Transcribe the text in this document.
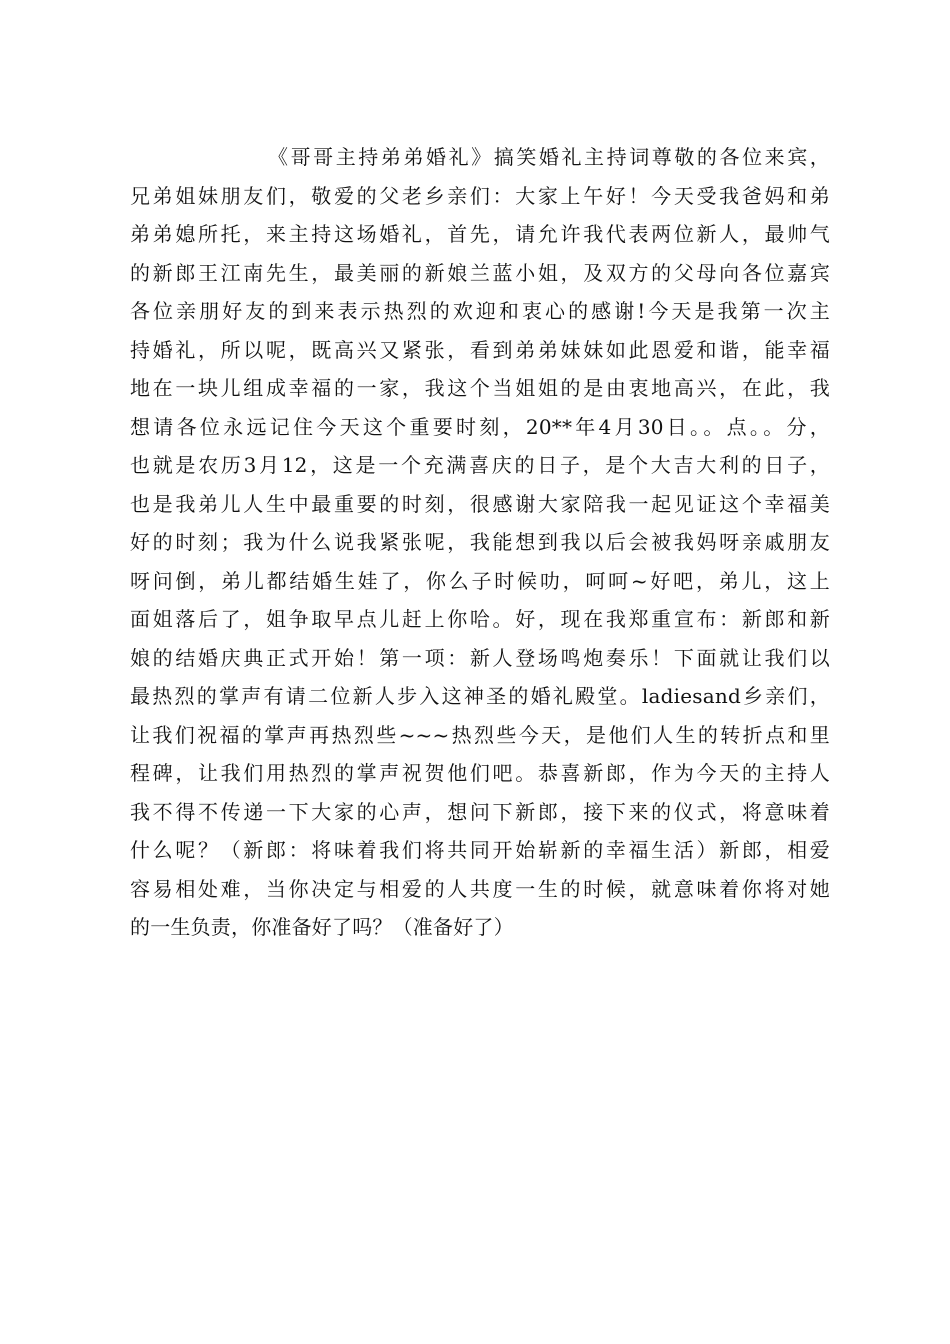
《哥哥主持弟弟婚礼》搞笑婚礼主持词尊敬的各位来宾，
兄弟姐妹朋友们，敬爱的父老乡亲们：大家上午好！今天受我爸妈和弟
弟弟媳所托，来主持这场婚礼，首先，请允许我代表两位新人，最帅气
的新郎王江南先生，最美丽的新娘兰蓝小姐，及双方的父母向各位嘉宾
各位亲朋好友的到来表示热烈的欢迎和衷心的感谢!今天是我第一次主
持婚礼，所以呢，既高兴又紧张，看到弟弟妹妹如此恩爱和谐，能幸福
地在一块儿组成幸福的一家，我这个当姐姐的是由衷地高兴，在此，我
想请各位永远记住今天这个重要时刻，20**年4月30日。。点。。分，
也就是农历3月12，这是一个充满喜庆的日子，是个大吉大利的日子，
也是我弟儿人生中最重要的时刻，很感谢大家陪我一起见证这个幸福美
好的时刻；我为什么说我紧张呢，我能想到我以后会被我妈呀亲戚朋友
呀问倒，弟儿都结婚生娃了，你么子时候叻，呵呵~好吧，弟儿，这上
面姐落后了，姐争取早点儿赶上你哈。好，现在我郑重宣布：新郎和新
娘的结婚庆典正式开始！第一项：新人登场鸣炮奏乐！下面就让我们以
最热烈的掌声有请二位新人步入这神圣的婚礼殿堂。ladiesand乡亲们，
让我们祝福的掌声再热烈些~~~热烈些今天，是他们人生的转折点和里
程碑，让我们用热烈的掌声祝贺他们吧。恭喜新郎，作为今天的主持人
我不得不传递一下大家的心声，想问下新郎，接下来的仪式，将意味着
什么呢？（新郎：将味着我们将共同开始崭新的幸福生活）新郎，相爱
容易相处难，当你决定与相爱的人共度一生的时候，就意味着你将对她
的一生负责，你准备好了吗？（准备好了）
